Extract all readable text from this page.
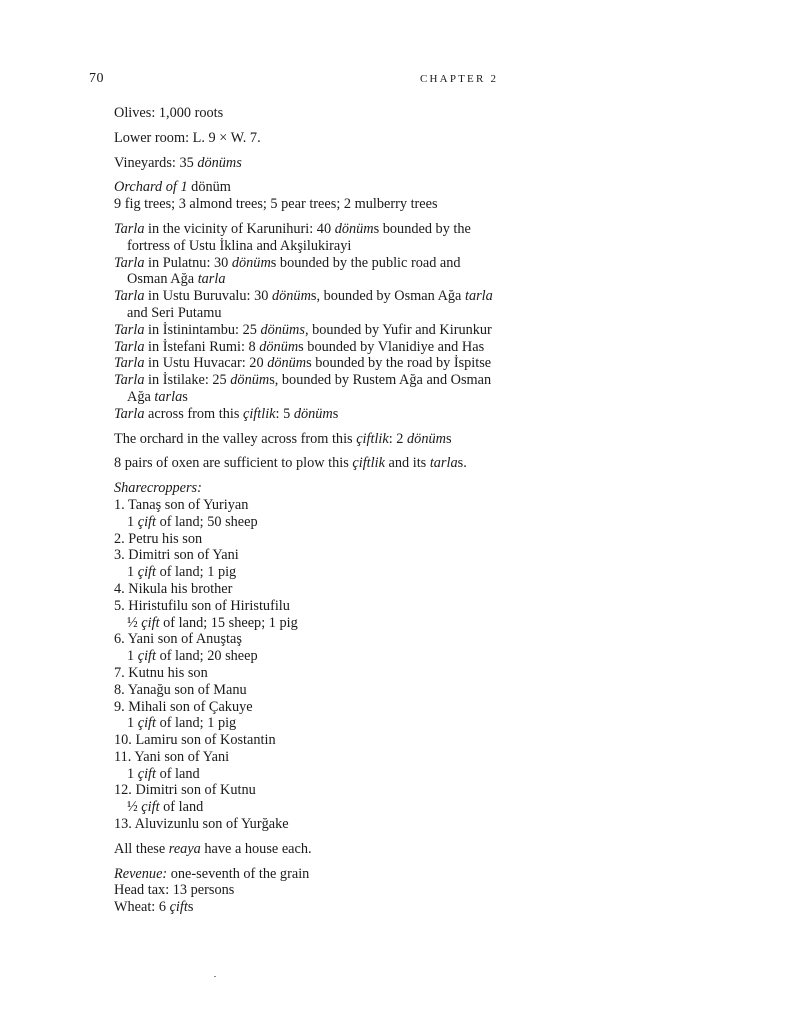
70	CHAPTER 2
Olives: 1,000 roots
Lower room: L. 9 × W. 7.
Vineyards: 35 dönüms
Orchard of 1 dönüm
9 fig trees; 3 almond trees; 5 pear trees; 2 mulberry trees
Tarla in the vicinity of Karunihuri: 40 dönüms bounded by the
fortress of Ustu İklina and Akşilukirayi
Tarla in Pulatnu: 30 dönüms bounded by the public road and
Osman Ağa tarla
Tarla in Ustu Buruvalu: 30 dönüms, bounded by Osman Ağa tarla
and Seri Putamu
Tarla in İstinintambu: 25 dönüms, bounded by Yufir and Kirunkur
Tarla in İstefani Rumi: 8 dönüms bounded by Vlanidiye and Has
Tarla in Ustu Huvacar: 20 dönüms bounded by the road by İspitse
Tarla in İstilake: 25 dönüms, bounded by Rustem Ağa and Osman
Ağa tarlas
Tarla across from this çiftlik: 5 dönüms
The orchard in the valley across from this çiftlik: 2 dönüms
8 pairs of oxen are sufficient to plow this çiftlik and its tarlas.
Sharecroppers:
1. Tanaş son of Yuriyan
1 çift of land; 50 sheep
2. Petru his son
3. Dimitri son of Yani
1 çift of land; 1 pig
4. Nikula his brother
5. Hiristufilu son of Hiristufilu
½ çift of land; 15 sheep; 1 pig
6. Yani son of Anuştaş
1 çift of land; 20 sheep
7. Kutnu his son
8. Yanağu son of Manu
9. Mihali son of Çakuye
1 çift of land; 1 pig
10. Lamiru son of Kostantin
11. Yani son of Yani
1 çift of land
12. Dimitri son of Kutnu
½ çift of land
13. Aluvizunlu son of Yurğake
All these reaya have a house each.
Revenue: one-seventh of the grain
Head tax: 13 persons
Wheat: 6 çifts
